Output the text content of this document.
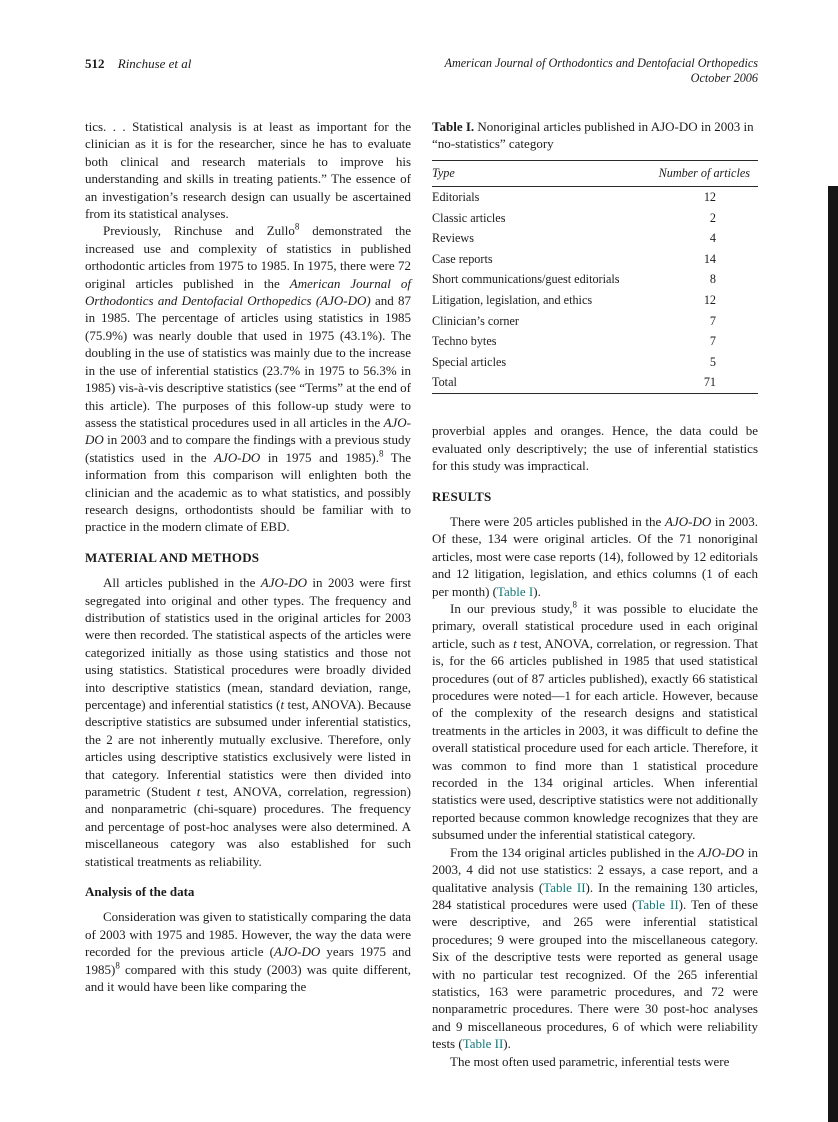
512 Rinchuse et al	American Journal of Orthodontics and Dentofacial Orthopedics
October 2006

tics. . . Statistical analysis is at least as important for the clinician as it is for the researcher, since he has to evaluate both clinical and research materials to improve his understanding and skills in treating patients.” The essence of an investigation’s research design can usually be ascertained from its statistical analyses.

Previously, Rinchuse and Zullo$^8$ demonstrated the increased use and complexity of statistics in published orthodontic articles from 1975 to 1985. In 1975, there were 72 original articles published in the American Journal of Orthodontics and Dentofacial Orthopedics (AJO-DO) and 87 in 1985. The percentage of articles using statistics in 1985 (75.9%) was nearly double that used in 1975 (43.1%). The doubling in the use of statistics was mainly due to the increase in the use of inferential statistics (23.7% in 1975 to 56.3% in 1985) vis-à-vis descriptive statistics (see “Terms” at the end of this article). The purposes of this follow-up study were to assess the statistical procedures used in all articles in the AJO-DO in 2003 and to compare the findings with a previous study (statistics used in the AJO-DO in 1975 and 1985).$^8$ The information from this comparison will enlighten both the clinician and the academic as to what statistics, and possibly research designs, orthodontists should be familiar with to practice in the modern climate of EBD.

MATERIAL AND METHODS

All articles published in the AJO-DO in 2003 were first segregated into original and other types. The frequency and distribution of statistics used in the original articles for 2003 were then recorded. The statistical aspects of the articles were categorized initially as those using statistics and those not using statistics. Statistical procedures were broadly divided into descriptive statistics (mean, standard deviation, range, percentage) and inferential statistics (t test, ANOVA). Because descriptive statistics are subsumed under inferential statistics, the 2 are not inherently mutually exclusive. Therefore, only articles using descriptive statistics exclusively were listed in that category. Inferential statistics were then divided into parametric (Student t test, ANOVA, correlation, regression) and nonparametric (chi-square) procedures. The frequency and percentage of post-hoc analyses were also determined. A miscellaneous category was also established for such statistical treatments as reliability.

Analysis of the data

Consideration was given to statistically comparing the data of 2003 with 1975 and 1985. However, the way the data were recorded for the previous article (AJO-DO years 1975 and 1985)$^8$ compared with this study (2003) was quite different, and it would have been like comparing the

Table I. Nonoriginal articles published in AJO-DO in 2003 in “no-statistics” category
Type	Number of articles
Editorials	12
Classic articles	2
Reviews	4
Case reports	14
Short communications/guest editorials	8
Litigation, legislation, and ethics	12
Clinician’s corner	7
Techno bytes	7
Special articles	5
Total	71

proverbial apples and oranges. Hence, the data could be evaluated only descriptively; the use of inferential statistics for this study was impractical.

RESULTS

There were 205 articles published in the AJO-DO in 2003. Of these, 134 were original articles. Of the 71 nonoriginal articles, most were case reports (14), followed by 12 editorials and 12 litigation, legislation, and ethics columns (1 of each per month) (Table I).

In our previous study,$^8$ it was possible to elucidate the primary, overall statistical procedure used in each original article, such as t test, ANOVA, correlation, or regression. That is, for the 66 articles published in 1985 that used statistical procedures (out of 87 articles published), exactly 66 statistical procedures were noted—1 for each article. However, because of the complexity of the research designs and statistical treatments in the articles in 2003, it was difficult to define the overall statistical procedure used for each article. Therefore, it was common to find more than 1 statistical procedure recorded in the 134 original articles. When inferential statistics were used, descriptive statistics were not additionally reported because common knowledge recognizes that they are subsumed under the inferential statistical category.

From the 134 original articles published in the AJO-DO in 2003, 4 did not use statistics: 2 essays, a case report, and a qualitative analysis (Table II). In the remaining 130 articles, 284 statistical procedures were used (Table II). Ten of these were descriptive, and 265 were inferential statistical procedures; 9 were grouped into the miscellaneous category. Six of the descriptive tests were reported as general usage with no particular test recognized. Of the 265 inferential statistics, 163 were parametric procedures, and 72 were nonparametric procedures. There were 30 post-hoc analyses and 9 miscellaneous procedures, 6 of which were reliability tests (Table II).

The most often used parametric, inferential tests were
